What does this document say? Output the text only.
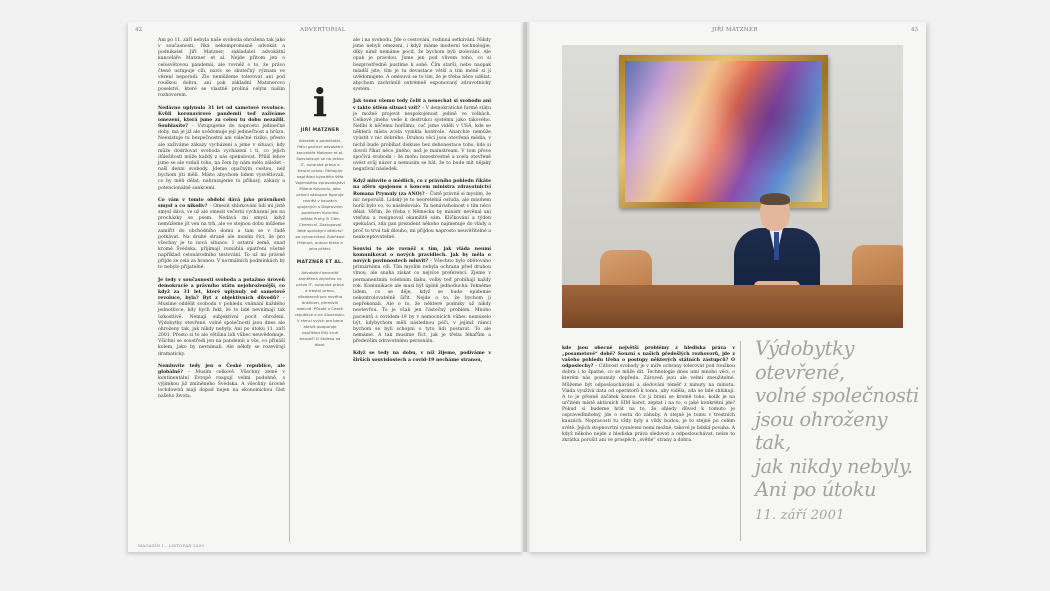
42	ADVERTORIAL

Ani po 11. září nebyla naše svoboda ohrožena tak jako v současnosti, říká nekompromisně advokát a podnikatel Jiří Matzner, zakladatel advokátní kanceláře Matzner et al. Nejde přitom jen o celosvětovou pandemii, ale rovněž o to, že právo čtené ustupuje cíli, navíc se skutečný význam ve vězení neporadí. Zlo nemůžeme tolerovat ani pod rouškou dobra, ani pak základní Matznerovo poselství, které se vlastně prolíná celým naším rozhovorem.

Nedávno uplynulo 31 let od sametové revoluce. Kvůli koronavirové pandemii teď zažíváme omezení, která jsme za celou tu dobu nezažili. Souhlasíte? – Vstupujeme do naprosto jedinečné doby, má je již ale uvědomuje její jedinečnost a hrůzu. Neexistuje tu bezpečnostní ani válečné riziko, přesto ale zažíváme zákazy vycházení a jsme v situaci, kdy může dodržovat svoboda vycházení i ti, co jejich důležitosti může každý z nás spekulovat. Příliš lehce jsme se ale vzdali toho, na čem by nám mělo záležet – naší denní svobody. Jdeme opačným cestou, než bychom jíti měli. Místo abychom lidem vysvětlovali, co by měli dělat, nahrazujeme to příkazy, zákazy a potencionálně sankcemi.

Co vám v tomto období dává jako právníkovi smysl a co nikoliv? – Omezit shlukování lidí mi jistě smysl dává, ve už ale omezit večerní vycházení jen na procházky se psem. Nedává mi smysl, když nemůžeme jít ven na trh, ale ve stejnou dobu můžeme zamířit do obchodního domu a tam se v řadě potkávat. Na druhé straně ale musím říct, že pro všechny je to nová situace. I ostatní země, snad kromě Švédska, přijímají rozsáhlá opatření všetně například celonárodního testování. To už mi právně příjde ze celá za hranou. V normálních podmínkách by to nebylo přijatelné.

Je tedy v současnosti svoboda a potažmo úroveň demokracie a právního státu nejohroženější, co když za 31 let, které uplynuly od sametové revoluce, byla? Byť z objektivních důvodů? – Musíme oddělit svobodu v pohledu vnímání každého jednotlivce, kdy bych řekl, že to lidé nevnímají tak úzkostlivě. Nemají subjektivní pocit ohrožení. Výdobytky otevřené, volné společnosti jsou dnes ale ohroženy tak, jak nikdy nebyly. Ani po útoku 11. září 2001. Přesto si to ale většina lidí vůbec neuvědomuje. Všichni se soustředí jen na pandemii a vše, co přináší kolem, jako by nevnímali. Ale někdy se rozevírají dramaticky.

Nemluvíte tedy jen o České republice, ale globálně? – Musím celkově. Všechny země v kontinentální Evropě reagují velmi podobně, s výjimkou již zmíněného Švédska. A všechny úrovně lockdownů mají dopad nejen na ekonomickou část našeho života,

i
JIŘÍ MATZNER
Advokát a podnikatel, řídící partner advokátní kanceláře Matzner et al. Specializuje se na právo IT, autorská práva a trestní právo. Obhajuje například bývalého šéfa Vojenského zpravodajství Milana Kovandu, jako právní zástupce figuruje rovněž v kauzách spojených s Dopravním podnikem hlavního města Prahy či Olen Chemical. Zastupoval také správkyni dědictví po vytvarníkovi Zdeňkovi Milerovi, autora Krtka a jeho přátel.
MATZNER ET AL.
Advokátní kancelář zaměřená zejména na právo IT, autorská práva a trestní právo, všeobecně pro nového drážkum, přemístil obecně. Působí v České republice a na Slovensku. V rámci svých pro bono aktivit podporuje například Bílý kruh bezpečí či Sedesa na dlaní.

ale i na svobodu. Jde o cestování, rodinná setkávání. Nikdy jsme nebyli omezeni, i když máme moderní technologie, díky nimž nemáme pocit, že bychom byli izolováni. Ale opak je pravdou. Jsme jen pod vlivem toho, co si bezprostředně pustíme k sobě. Čím starší, nebo naopak mladší jste, tím je ta devastace větší a tím méně si ji uvědomujete. A omlouvá se to tím, že je třeba něco udělat, abychom zachránili extrémně exponovaný zdravotnický systém.

Jak tomu všemu tedy čelit a nenechat si svobodu ani v takto útlém situaci vzít? – V demokratické formě státu je možné projevit nespokojenost jedině ve volbách. Celkově jiného vede k destrukci systému jako takového. Nelíbí k něčemu horšímu, coč jsme viděli v USA, kde se některá místa zcela vymkla kontrole. Anarchie nemůže vyústit v nic dobrého. Druhou věcí jsou otevřená média, v nichž bude probíhat diskuse bez dehonestace toho, kdo si dovolí říkat něco jiného, než je mainstream. V tom přece spočívá svoboda – že mohu bezestrestně a zcela otevřeně uvést svůj názor a nemusím se bát, že to bude mít nějaký negativní následek.

Když mluvíte o médiích, co z právního pohledu říkáte na aféru spojenou s koncem ministra zdravotnictví Romana Prymuly (za ANO)? – Čistě právně si myslím, že nic neporušil. Lidský je to neoretelná ostuda, ale mnohem horší bylo co, to následovalo. Ta nenávisholnost s tím něco dělat. Věřím, že třeba v Německu by ministr nevěnal ani vteřinu a resignoval okamžitě sám. Kličkování a týden spekulací, zda pan prezident někoho najmenuje do vlády a proč to trvá tak dlouho, mi přijdou naprosto neuvěřitelné a neakceptovatelné.

Souvisí to ale rovněž s tím, jak vláda neumí komunikovat o nových pravidlech. Jak by měla o nových povinnostech mluvit? – Všechno bylo obětováno primárnímu cíli. Tím myslím nebyla ochrana před druhou vlnou, ale snaha získat co nejvíce preferencí. Zjeme v permanentním volebním tlaku, volby teď probíhají každý rok. Komunikace ale musí být úplně jednoduchá: řekněme lidem, co se děje, když se bude epidemie nekontrolovatelně šířit. Nejde o to, že bychom ji nepřekonali. Ale o to, že některé podniky už nikdy neotevřou. To je však jen částečný problém. Mnoho pacientů s covidem-19 by v nemocnicích vůbec nemuselo být, kdybychom měli následnou péči, v jejímž rámci bychom se byli schopni o tyto lidi postarat. To ale nemáme. A tak musíme říct, jak je třeba lékařům a především zdravotnímu personálu.

Když se tedy na dobu, v níž žijeme, podíváme v širších souvislostech a covid-19 necháme stranou,

MAGAZÍN I – LISTOPAD 2020
JIŘÍ MATZNER	43

kde jsou obecně největší problémy z hlediska práva v „posametové“ době? Souzní s našich předešlých rozhovorů, jde z vašeho pohledu třeba o postupy některých státních zástupců? O odposlechy? – Citlivost svobody je v míře ochrany tolerovat pod rouškou dobra i to špatné, co se může dít. Technologie dnes umí mnoho věcí, o kterém nás posunuly dopředu. Zároveň jsou ale velmi zneužitelné. Můžeme být odposlouchávání a sledováni téměř z minuty na minutu. Vláda využívá data od operátorů k tomu, aby viděla, zda se lidé shlukují. A to je přesně začátek konce. Co ji brání se kromě toho, kolik je na určitém místě aktivních SIM karet, zeptat i na to, o jaké konkrétní jde? Pokud si budeme hrát na to, že ohledy důvod k tomuto je ospravedlnitelný, jde o cestu do záhuby. A stejně je tomu v trestních kauzách. Nepravosti tu vždy byly a vždy budou, je to stejné po celém světě. Jejich stopnovrtní vysnívení nemí možné, takové je lidská povaha. A když někoho nejde z hlediska práva sledovat a odposlouchávat, nelze to zkrátka porušit ani ve prospěch „světlé“ strany a dobra.

Výdobytky otevřené,
volné společnosti
jsou ohroženy tak,
jak nikdy nebyly.
Ani po útoku
11. září 2001
